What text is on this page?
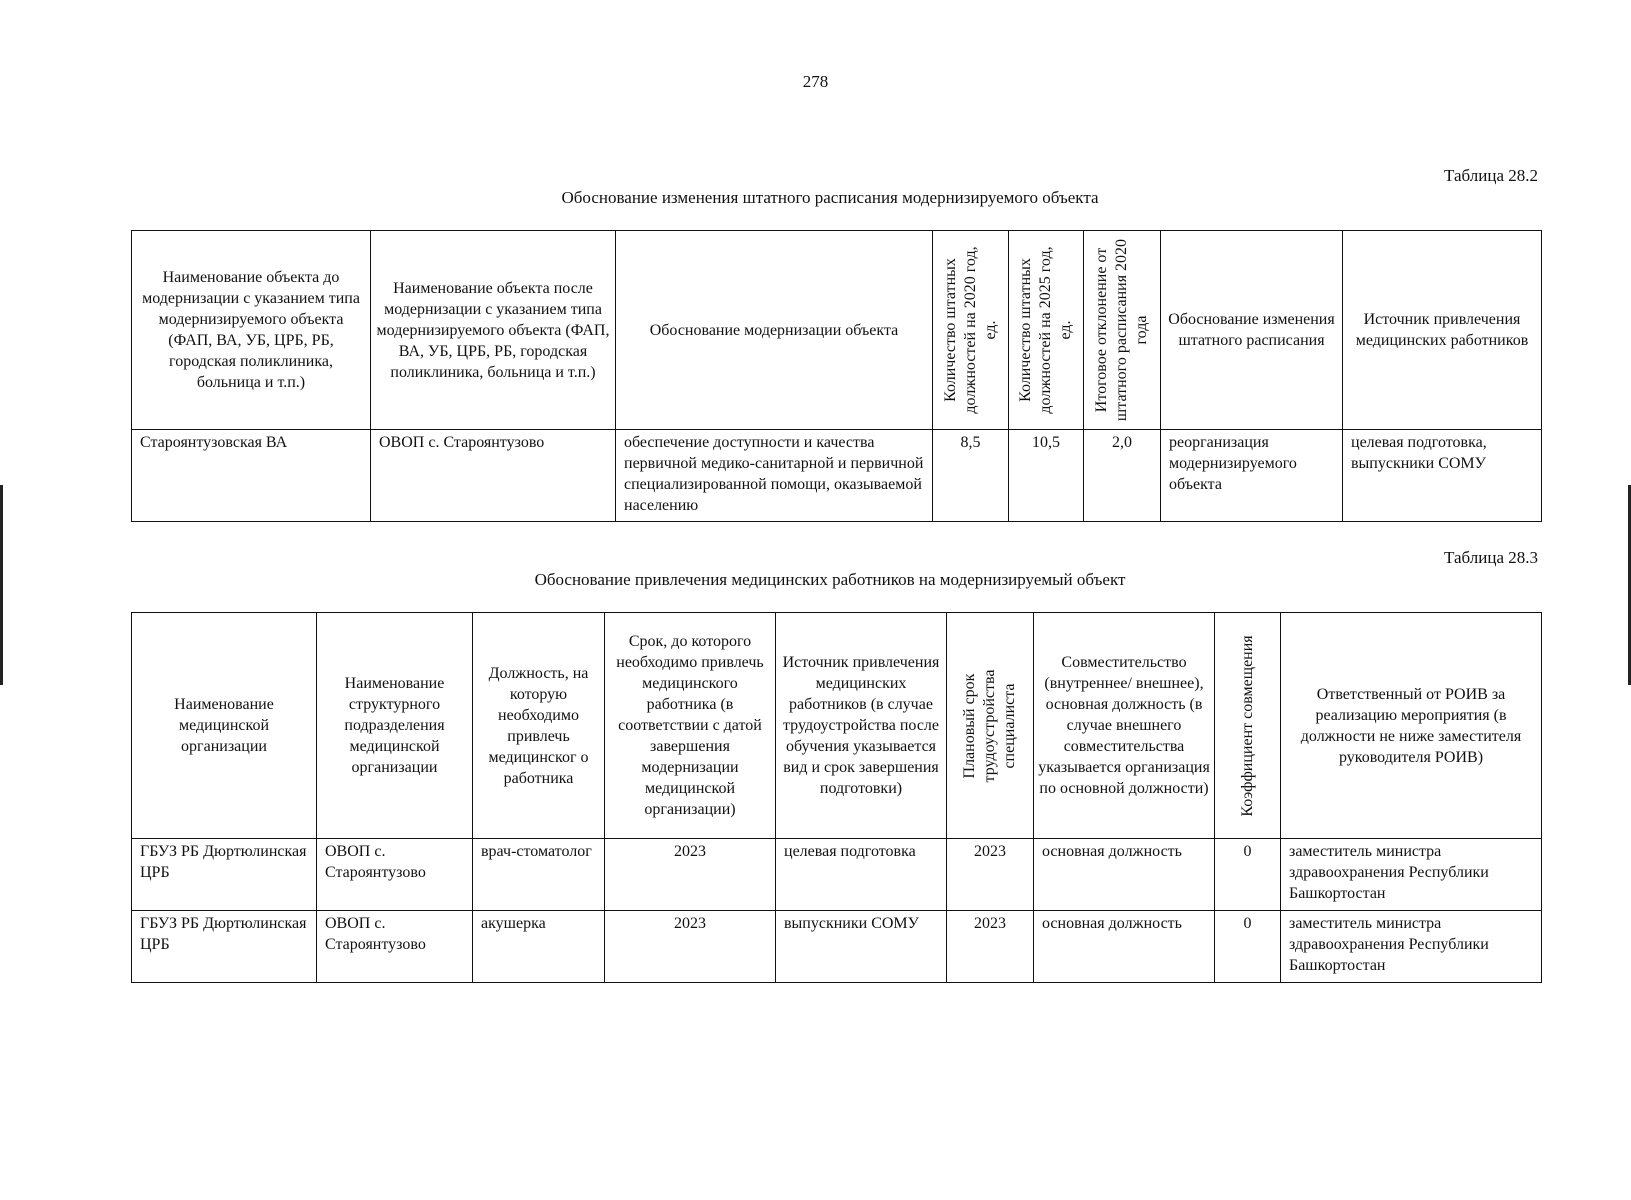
278
Таблица 28.2
Обоснование изменения штатного расписания модернизируемого объекта
Наименование объекта до модернизации с указанием типа модернизируемого объекта (ФАП, ВА, УБ, ЦРБ, РБ, городская поликлиника, больница и т.п.)	Наименование объекта после модернизации с указанием типа модернизируемого объекта (ФАП, ВА, УБ, ЦРБ, РБ, городская поликлиника, больница и т.п.)	Обоснование модернизации объекта	Количество штатных должностей на 2020 год, ед.	Количество штатных должностей на 2025 год, ед.	Итоговое отклонение от штатного расписания 2020 года	Обоснование изменения штатного расписания	Источник привлечения медицинских работников
Староянтузовская ВА	ОВОП с. Староянтузово	обеспечение доступности и качества первичной медико-санитарной и первичной специализированной помощи, оказываемой населению	8,5	10,5	2,0	реорганизация модернизируемого объекта	целевая подготовка, выпускники СОМУ
Таблица 28.3
Обоснование привлечения медицинских работников на модернизируемый объект
Наименование медицинской организации	Наименование структурного подразделения медицинской организации	Должность, на которую необходимо привлечь медицинског о работника	Срок, до которого необходимо привлечь медицинского работника (в соответствии с датой завершения модернизации медицинской организации)	Источник привлечения медицинских работников (в случае трудоустройства после обучения указывается вид и срок завершения подготовки)	Плановый срок трудоустройства специалиста	Совместительство (внутреннее/ внешнее), основная должность (в случае внешнего совместительства указывается организация по основной должности)	Коэффициент совмещения	Ответственный от РОИВ за реализацию мероприятия (в должности не ниже заместителя руководителя РОИВ)
ГБУЗ РБ Дюртюлинская ЦРБ	ОВОП с. Староянтузово	врач-стоматолог	2023	целевая подготовка	2023	основная должность	0	заместитель министра здравоохранения Республики Башкортостан
ГБУЗ РБ Дюртюлинская ЦРБ	ОВОП с. Староянтузово	акушерка	2023	выпускники СОМУ	2023	основная должность	0	заместитель министра здравоохранения Республики Башкортостан
